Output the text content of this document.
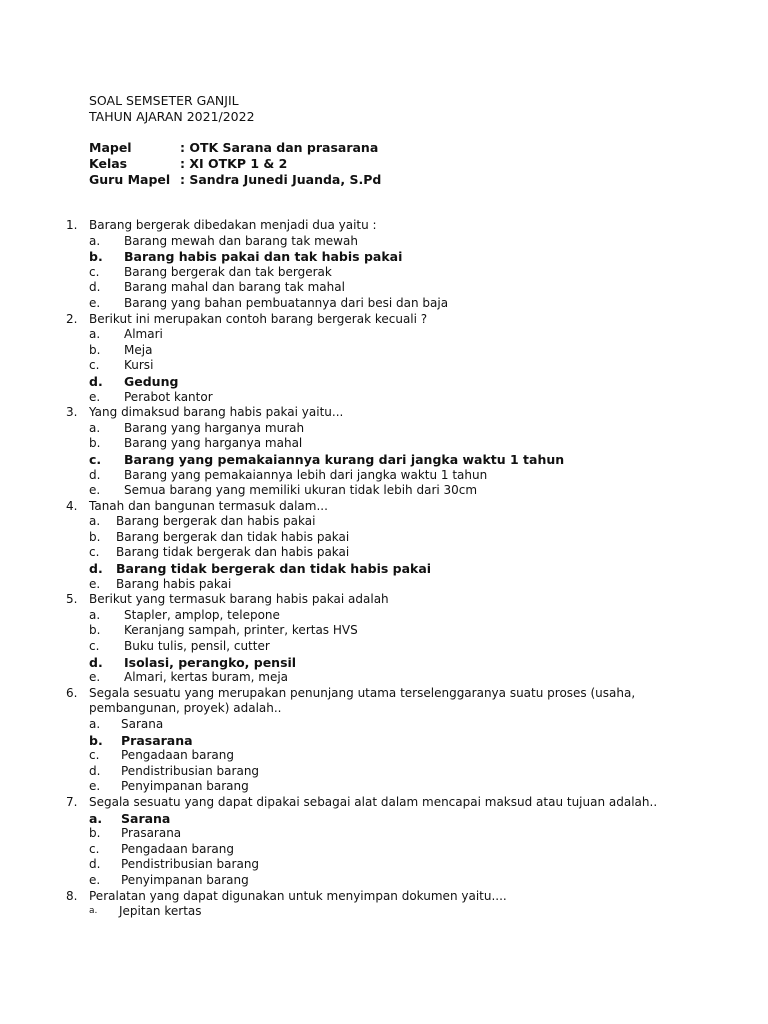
SOAL SEMSETER GANJIL
TAHUN AJARAN 2021/2022
Mapel	: OTK Sarana dan prasarana
Kelas	: XI OTKP 1 & 2
Guru Mapel : Sandra Junedi Juanda, S.Pd
1. Barang bergerak dibedakan menjadi dua yaitu :
a.	Barang mewah dan barang tak mewah
b.	Barang habis pakai dan tak habis pakai
c.	Barang bergerak dan tak bergerak
d.	Barang mahal dan barang tak mahal
e.	Barang yang bahan pembuatannya dari besi dan baja
2. Berikut ini merupakan contoh barang bergerak kecuali ?
a.	Almari
b.	Meja
c.	Kursi
d.	Gedung
e.	Perabot kantor
3. Yang dimaksud barang habis pakai yaitu...
a.	Barang yang harganya murah
b.	Barang yang harganya mahal
c.	Barang yang pemakaiannya kurang dari jangka waktu 1 tahun
d.	Barang yang pemakaiannya lebih dari jangka waktu 1 tahun
e.	Semua barang yang memiliki ukuran tidak lebih dari 30cm
4. Tanah dan bangunan termasuk dalam...
a.	Barang bergerak dan habis pakai
b.	Barang bergerak dan tidak habis pakai
c.	Barang tidak bergerak dan habis pakai
d.	Barang tidak bergerak dan tidak habis pakai
e.	Barang habis pakai
5. Berikut yang termasuk barang habis pakai adalah
a.	Stapler, amplop, telepone
b.	Keranjang sampah, printer, kertas HVS
c.	Buku tulis, pensil, cutter
d.	Isolasi, perangko, pensil
e.	Almari, kertas buram, meja
6. Segala sesuatu yang merupakan penunjang utama terselenggaranya suatu proses (usaha, pembangunan, proyek) adalah..
a.	Sarana
b.	Prasarana
c.	Pengadaan barang
d.	Pendistribusian barang
e.	Penyimpanan barang
7. Segala sesuatu yang dapat dipakai sebagai alat dalam mencapai maksud atau tujuan adalah..
a.	Sarana
b.	Prasarana
c.	Pengadaan barang
d.	Pendistribusian barang
e.	Penyimpanan barang
8. Peralatan yang dapat digunakan untuk menyimpan dokumen yaitu....
a.	Jepitan kertas
